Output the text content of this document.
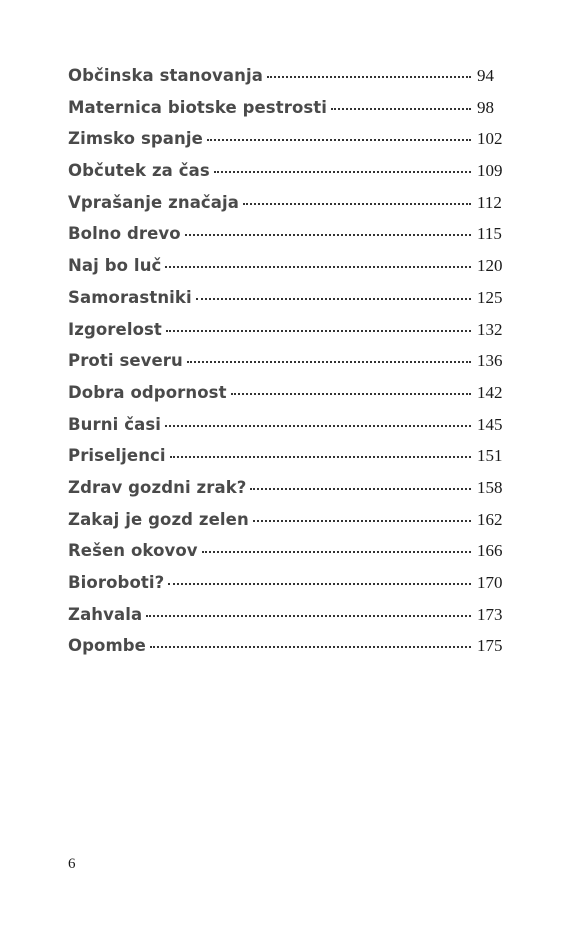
Občinska stanovanja	94
Maternica biotske pestrosti	98
Zimsko spanje	102
Občutek za čas	109
Vprašanje značaja	112
Bolno drevo	115
Naj bo luč	120
Samorastniki	125
Izgorelost	132
Proti severu	136
Dobra odpornost	142
Burni časi	145
Priseljenci	151
Zdrav gozdni zrak?	158
Zakaj je gozd zelen	162
Rešen okovov	166
Bioroboti?	170
Zahvala	173
Opombe	175
6
